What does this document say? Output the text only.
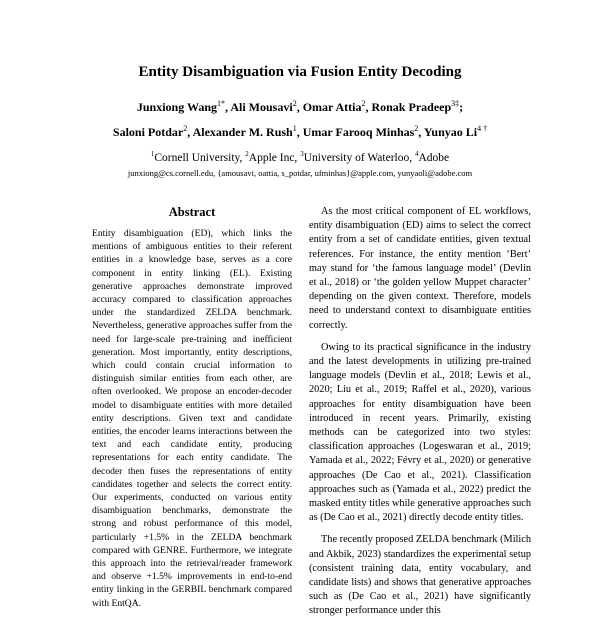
Entity Disambiguation via Fusion Entity Decoding
Junxiong Wang$^{1*}$, Ali Mousavi$^2$, Omar Attia$^2$, Ronak Pradeep$^{3\ddagger}$;
Saloni Potdar$^2$, Alexander M. Rush$^1$, Umar Farooq Minhas$^2$, Yunyao $Li^{4 \dagger}$
$^1$Cornell University, $^2$Apple Inc, $^3$University of Waterloo, $^4$Adobe
junxiong@cs.cornell.edu, {amousavi, oattia, s_potdar, ufminhas}@apple.com, yunyaoli@adobe.com
Abstract
Entity disambiguation (ED), which links the mentions of ambiguous entities to their referent entities in a knowledge base, serves as a core component in entity linking (EL). Existing generative approaches demonstrate improved accuracy compared to classification approaches under the standardized ZELDA benchmark. Nevertheless, generative approaches suffer from the need for large-scale pre-training and inefficient generation. Most importantly, entity descriptions, which could contain crucial information to distinguish similar entities from each other, are often overlooked. We propose an encoder-decoder model to disambiguate entities with more detailed entity descriptions. Given text and candidate entities, the encoder learns interactions between the text and each candidate entity, producing representations for each entity candidate. The decoder then fuses the representations of entity candidates together and selects the correct entity. Our experiments, conducted on various entity disambiguation benchmarks, demonstrate the strong and robust performance of this model, particularly +1.5% in the ZELDA benchmark compared with GENRE. Furthermore, we integrate this approach into the retrieval/reader framework and observe +1.5% improvements in end-to-end entity linking in the GERBIL benchmark compared with EntQA.

As the most critical component of EL workflows, entity disambiguation (ED) aims to select the correct entity from a set of candidate entities, given textual references. For instance, the entity mention ‘Bert’ may stand for ‘the famous language model’ (Devlin et al., 2018) or ‘the golden yellow Muppet character’ depending on the given context. Therefore, models need to understand context to disambiguate entities correctly.

Owing to its practical significance in the industry and the latest developments in utilizing pre-trained language models (Devlin et al., 2018; Lewis et al., 2020; Liu et al., 2019; Raffel et al., 2020), various approaches for entity disambiguation have been introduced in recent years. Primarily, existing methods can be categorized into two styles: classification approaches (Logeswaran et al., 2019; Yamada et al., 2022; Févry et al., 2020) or generative approaches (De Cao et al., 2021). Classification approaches such as (Yamada et al., 2022) predict the masked entity titles while generative approaches such as (De Cao et al., 2021) directly decode entity titles.

The recently proposed ZELDA benchmark (Milich and Akbik, 2023) standardizes the experimental setup (consistent training data, entity vocabulary, and candidate lists) and shows that generative approaches such as (De Cao et al., 2021) have significantly stronger performance under this
